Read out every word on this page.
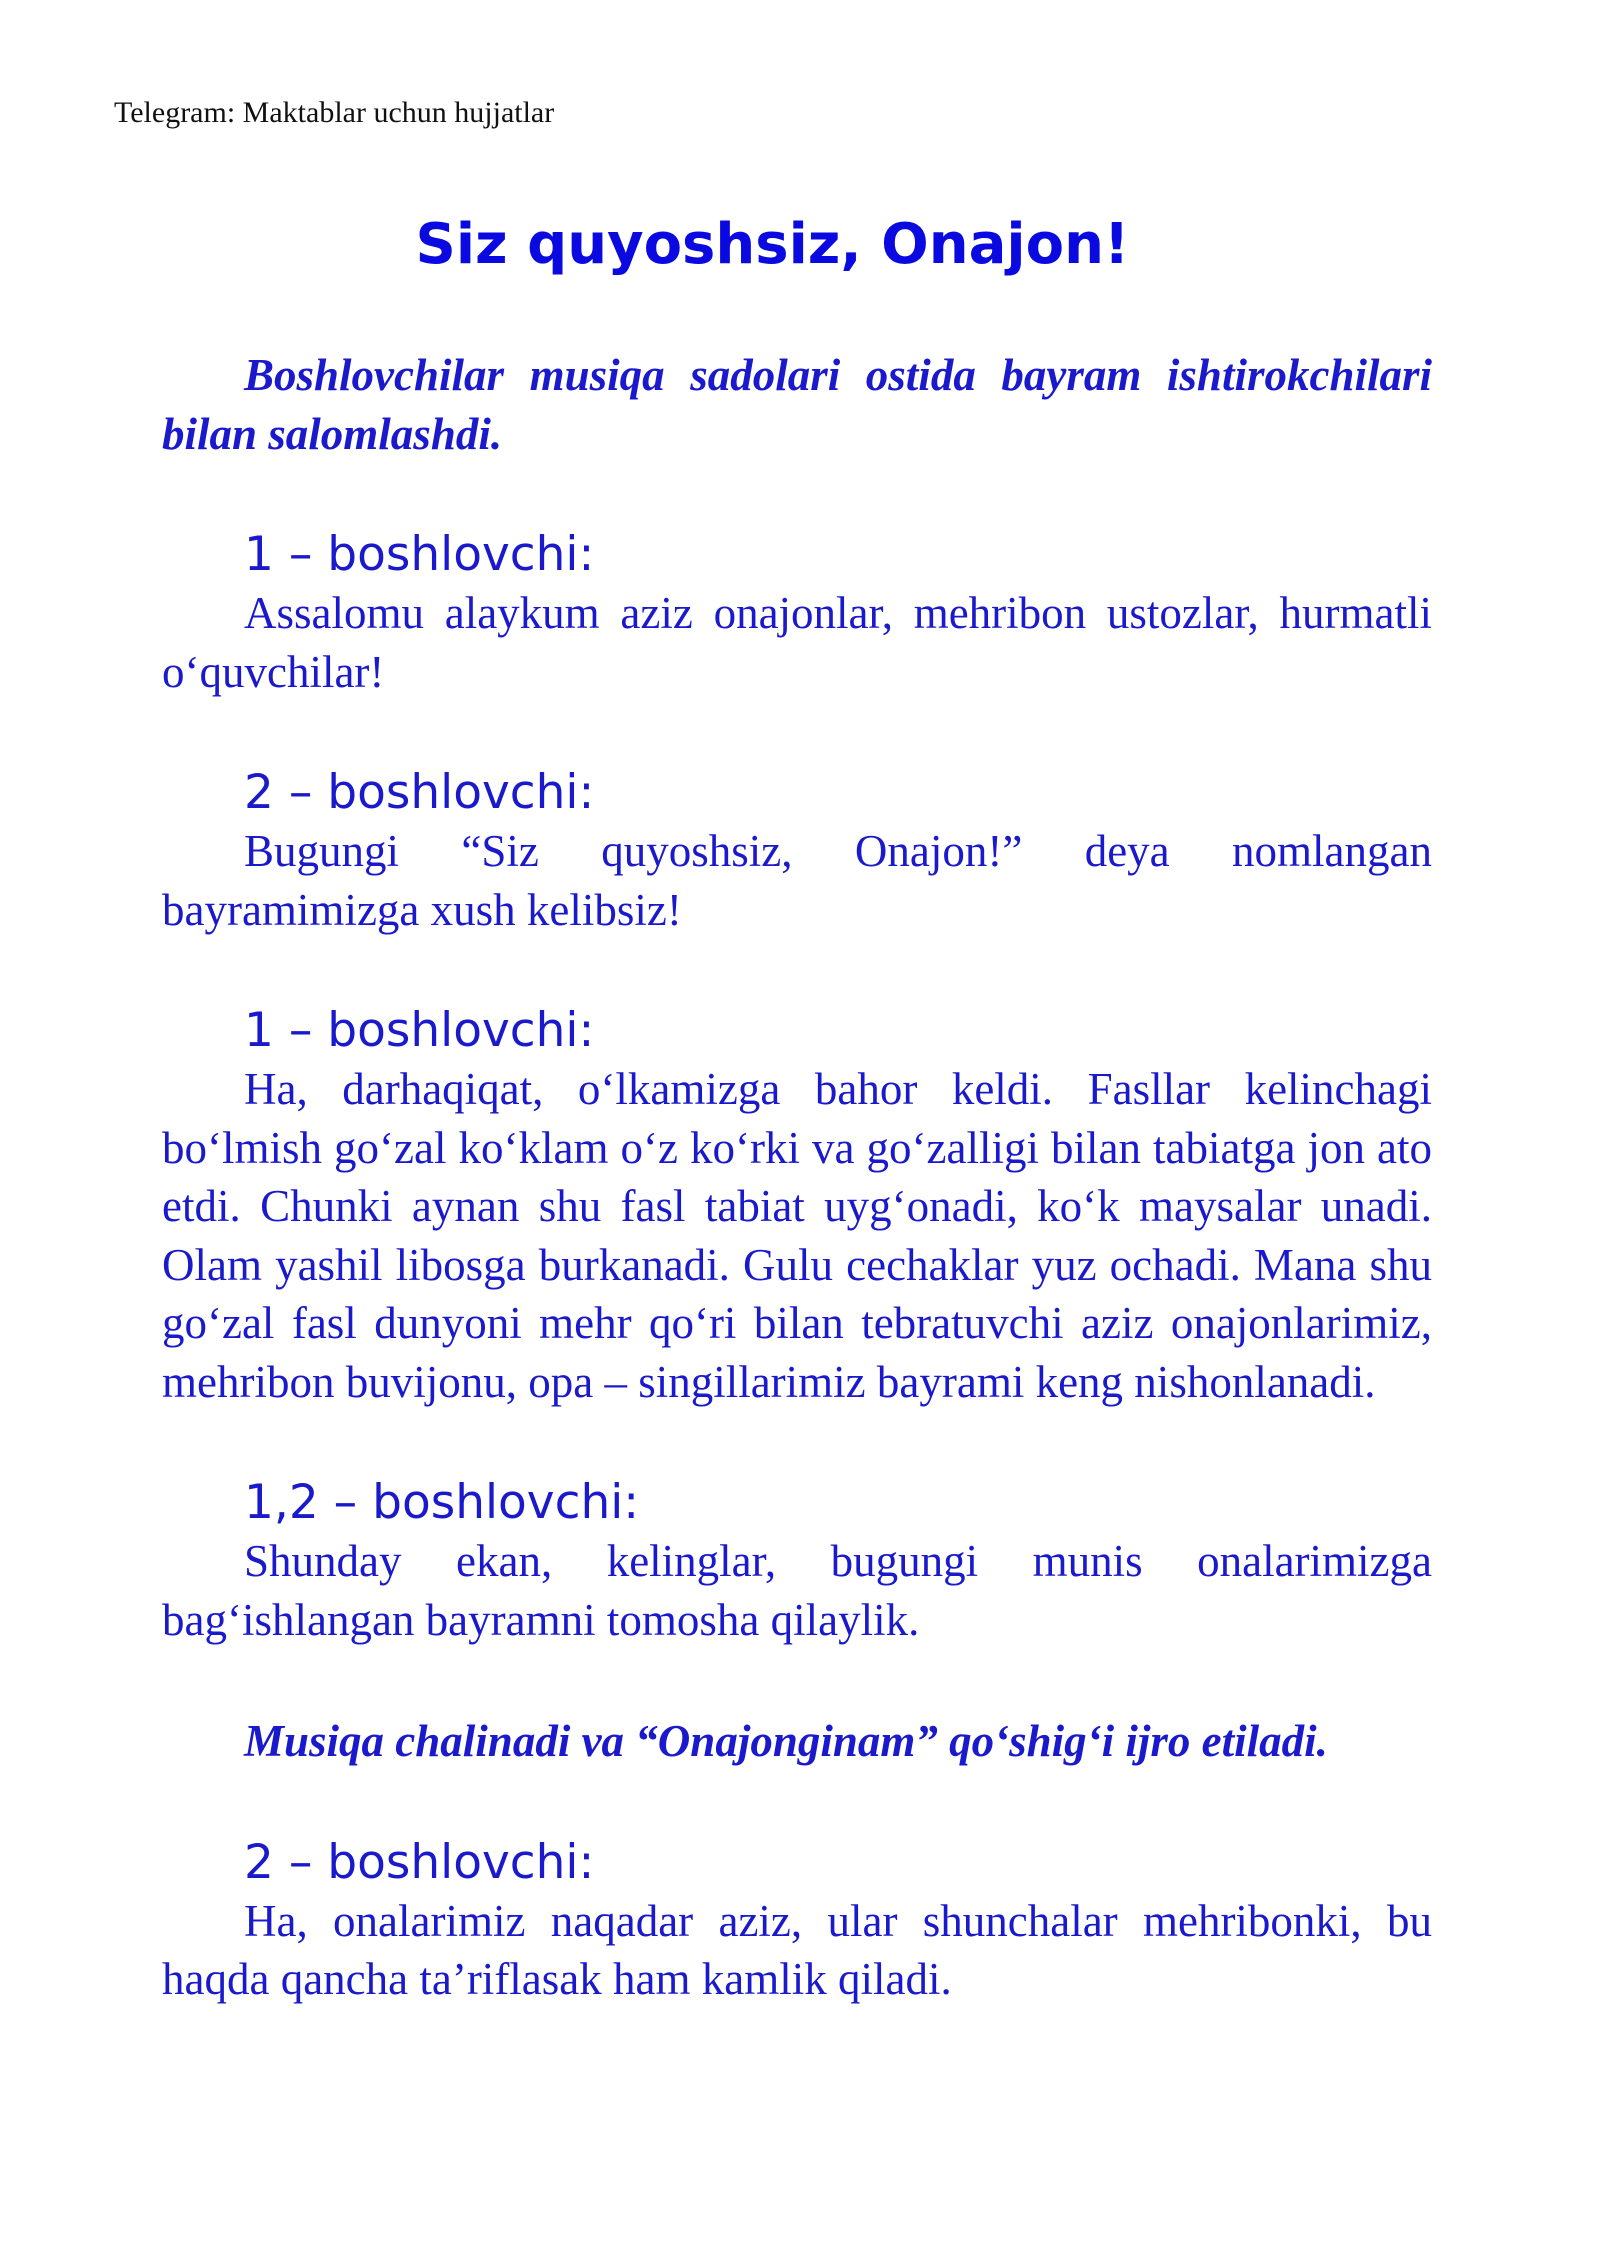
Telegram: Maktablar uchun hujjatlar

Siz quyoshsiz, Onajon!

Boshlovchilar musiqa sadolari ostida bayram ishtirokchilari bilan salomlashdi.

1 – boshlovchi:

Assalomu alaykum aziz onajonlar, mehribon ustozlar, hurmatli o‘quvchilar!

2 – boshlovchi:

Bugungi “Siz quyoshsiz, Onajon!” deya nomlangan bayramimizga xush kelibsiz!

1 – boshlovchi:

Ha, darhaqiqat, o‘lkamizga bahor keldi. Fasllar kelinchagi bo‘lmish go‘zal ko‘klam o‘z ko‘rki va go‘zalligi bilan tabiatga jon ato etdi. Chunki aynan shu fasl tabiat uyg‘onadi, ko‘k maysalar unadi. Olam yashil libosga burkanadi. Gulu cechaklar yuz ochadi. Mana shu go‘zal fasl dunyoni mehr qo‘ri bilan tebratuvchi aziz onajonlarimiz, mehribon buvijonu, opa – singillarimiz bayrami keng nishonlanadi.

1,2 – boshlovchi:

Shunday ekan, kelinglar, bugungi munis onalarimizga bag‘ishlangan bayramni tomosha qilaylik.

Musiqa chalinadi va “Onajonginam” qo‘shig‘i ijro etiladi.

2 – boshlovchi:

Ha, onalarimiz naqadar aziz, ular shunchalar mehribonki, bu haqda qancha ta’riflasak ham kamlik qiladi.
